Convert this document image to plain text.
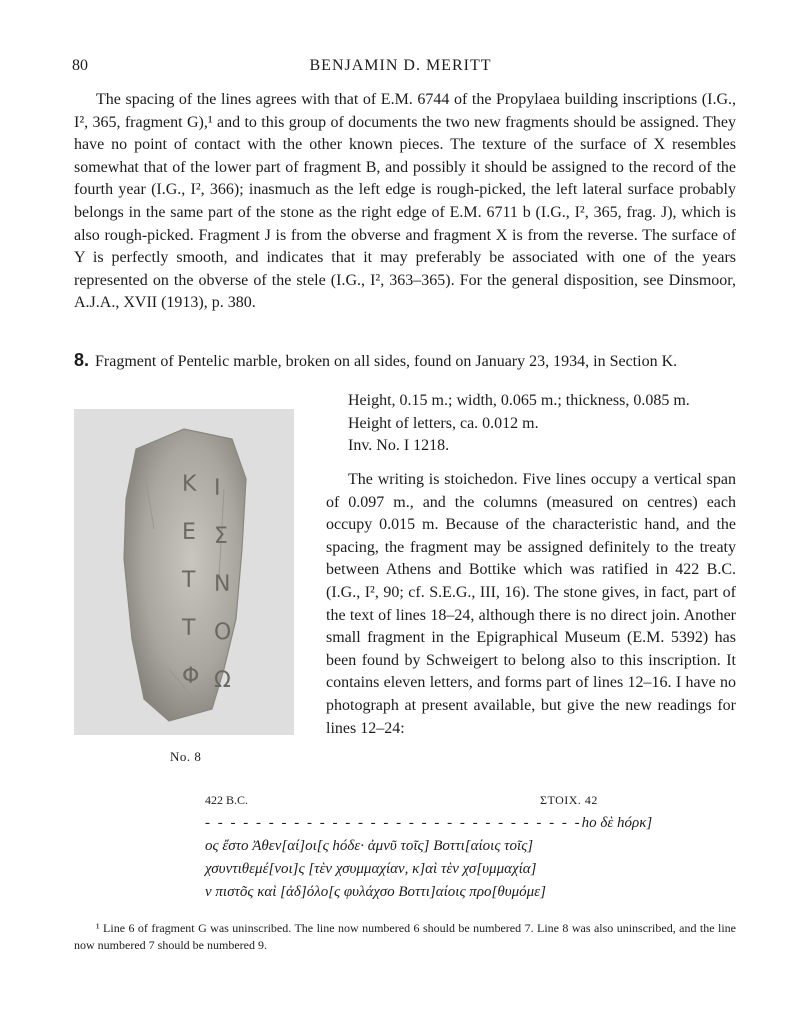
80	BENJAMIN D. MERITT
The spacing of the lines agrees with that of E.M. 6744 of the Propylaea building inscriptions (I.G., I², 365, fragment G),¹ and to this group of documents the two new fragments should be assigned. They have no point of contact with the other known pieces. The texture of the surface of X resembles somewhat that of the lower part of fragment B, and possibly it should be assigned to the record of the fourth year (I.G., I², 366); inasmuch as the left edge is rough-picked, the left lateral surface probably belongs in the same part of the stone as the right edge of E.M. 6711 b (I.G., I², 365, frag. J), which is also rough-picked. Fragment J is from the obverse and fragment X is from the reverse. The surface of Y is perfectly smooth, and indicates that it may preferably be associated with one of the years represented on the obverse of the stele (I.G., I², 363–365). For the general disposition, see Dinsmoor, A.J.A., XVII (1913), p. 380.
8. Fragment of Pentelic marble, broken on all sides, found on January 23, 1934, in Section K.
Height, 0.15 m.; width, 0.065 m.; thickness, 0.085 m.
Height of letters, ca. 0.012 m.
Inv. No. I 1218.
Κ
Ε
Τ
Τ
Φ
Ι
Σ
Ν
Ο
Ω
No. 8
The writing is stoichedon. Five lines occupy a vertical span of 0.097 m., and the columns (measured on centres) each occupy 0.015 m. Because of the characteristic hand, and the spacing, the fragment may be assigned definitely to the treaty between Athens and Bottike which was ratified in 422 B.C. (I.G., I², 90; cf. S.E.G., III, 16). The stone gives, in fact, part of the text of lines 18–24, although there is no direct join. Another small fragment in the Epigraphical Museum (E.M. 5392) has been found by Schweigert to belong also to this inscription. It contains eleven letters, and forms part of lines 12–16. I have no photograph at present available, but give the new readings for lines 12–24:
422 B.C.	ΣΤΟΙΧ. 42
- - - - - - - - - - - - - - - - - - - - - - - - - - - - - - ho δὲ hóρκ]
ος ἔστο Ἀθεν[αί]οι[ς hóδε· ἀμνῦ τοῖς] Βοττι[αίοις τοῖς]
χσυντιθεμέ[νοι]ς [τὲν χσυμμαχίαν, κ]αὶ τὲν χσ[υμμαχία]
ν πιστõς καὶ [ἀδ]όλο[ς φυλάχσο Βοττι]αίοις προ[θυμόμε]
¹ Line 6 of fragment G was uninscribed. The line now numbered 6 should be numbered 7. Line 8 was also uninscribed, and the line now numbered 7 should be numbered 9.
